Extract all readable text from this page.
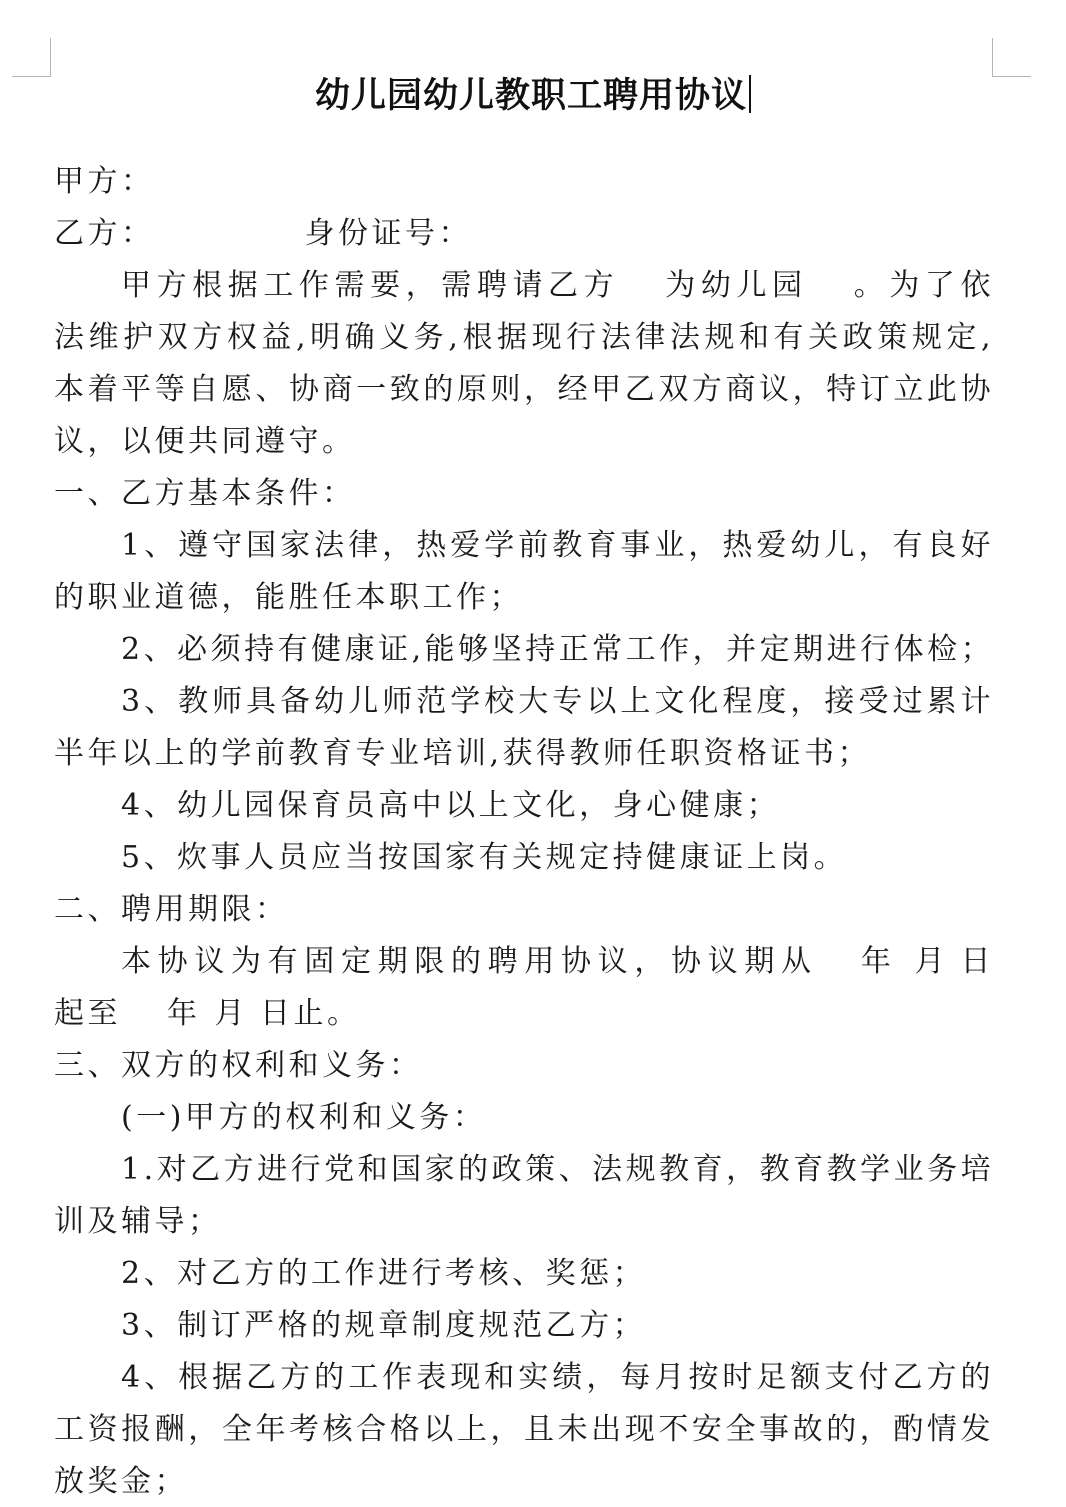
幼儿园幼儿教职工聘用协议
甲方：
乙方：	身份证号：
甲方根据工作需要，需聘请乙方 为幼儿园 。为了依
法维护双方权益,明确义务,根据现行法律法规和有关政策规定,
本着平等自愿、协商一致的原则，经甲乙双方商议，特订立此协
议，以便共同遵守。
一、乙方基本条件：
1、遵守国家法律，热爱学前教育事业，热爱幼儿，有良好
的职业道德，能胜任本职工作；
2、必须持有健康证,能够坚持正常工作，并定期进行体检；
3、教师具备幼儿师范学校大专以上文化程度，接受过累计
半年以上的学前教育专业培训,获得教师任职资格证书；
4、幼儿园保育员高中以上文化，身心健康；
5、炊事人员应当按国家有关规定持健康证上岗。
二、聘用期限：
本协议为有固定期限的聘用协议，协议期从 年 月 日
起至 年 月 日止。
三、双方的权利和义务：
(一)甲方的权利和义务：
1.对乙方进行党和国家的政策、法规教育，教育教学业务培
训及辅导；
2、对乙方的工作进行考核、奖惩；
3、制订严格的规章制度规范乙方；
4、根据乙方的工作表现和实绩，每月按时足额支付乙方的
工资报酬，全年考核合格以上，且未出现不安全事故的，酌情发
放奖金；
